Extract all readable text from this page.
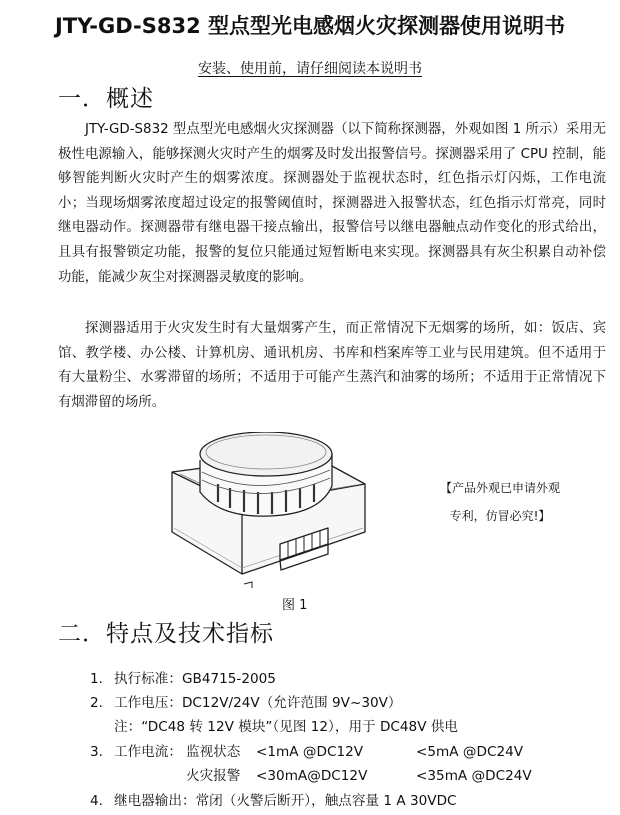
JTY-GD-S832 型点型光电感烟火灾探测器使用说明书
安装、使用前，请仔细阅读本说明书
一．概述

JTY-GD-S832 型点型光电感烟火灾探测器（以下简称探测器，外观如图 1 所示）采用无极性电源输入，能够探测火灾时产生的烟雾及时发出报警信号。探测器采用了 CPU 控制，能够智能判断火灾时产生的烟雾浓度。探测器处于监视状态时，红色指示灯闪烁，工作电流小；当现场烟雾浓度超过设定的报警阈值时，探测器进入报警状态，红色指示灯常亮，同时继电器动作。探测器带有继电器干接点输出，报警信号以继电器触点动作变化的形式给出，且具有报警锁定功能，报警的复位只能通过短暂断电来实现。探测器具有灰尘积累自动补偿功能，能减少灰尘对探测器灵敏度的影响。

探测器适用于火灾发生时有大量烟雾产生，而正常情况下无烟雾的场所，如：饭店、宾馆、教学楼、办公楼、计算机房、通讯机房、书库和档案库等工业与民用建筑。但不适用于有大量粉尘、水雾滞留的场所；不适用于可能产生蒸汽和油雾的场所；不适用于正常情况下有烟滞留的场所。

【产品外观已申请外观
专利，仿冒必究!】
图 1
二．特点及技术指标
1. 执行标准：GB4715-2005
2. 工作电压：DC12V/24V（允许范围 9V~30V）
注：“DC48 转 12V 模块”（见图 12），用于 DC48V 供电
3. 工作电流： 监视状态 <1mA @DC12V	<5mA @DC24V
火灾报警 <30mA@DC12V	<35mA @DC24V
4. 继电器输出：常闭（火警后断开），触点容量 1 A 30VDC
